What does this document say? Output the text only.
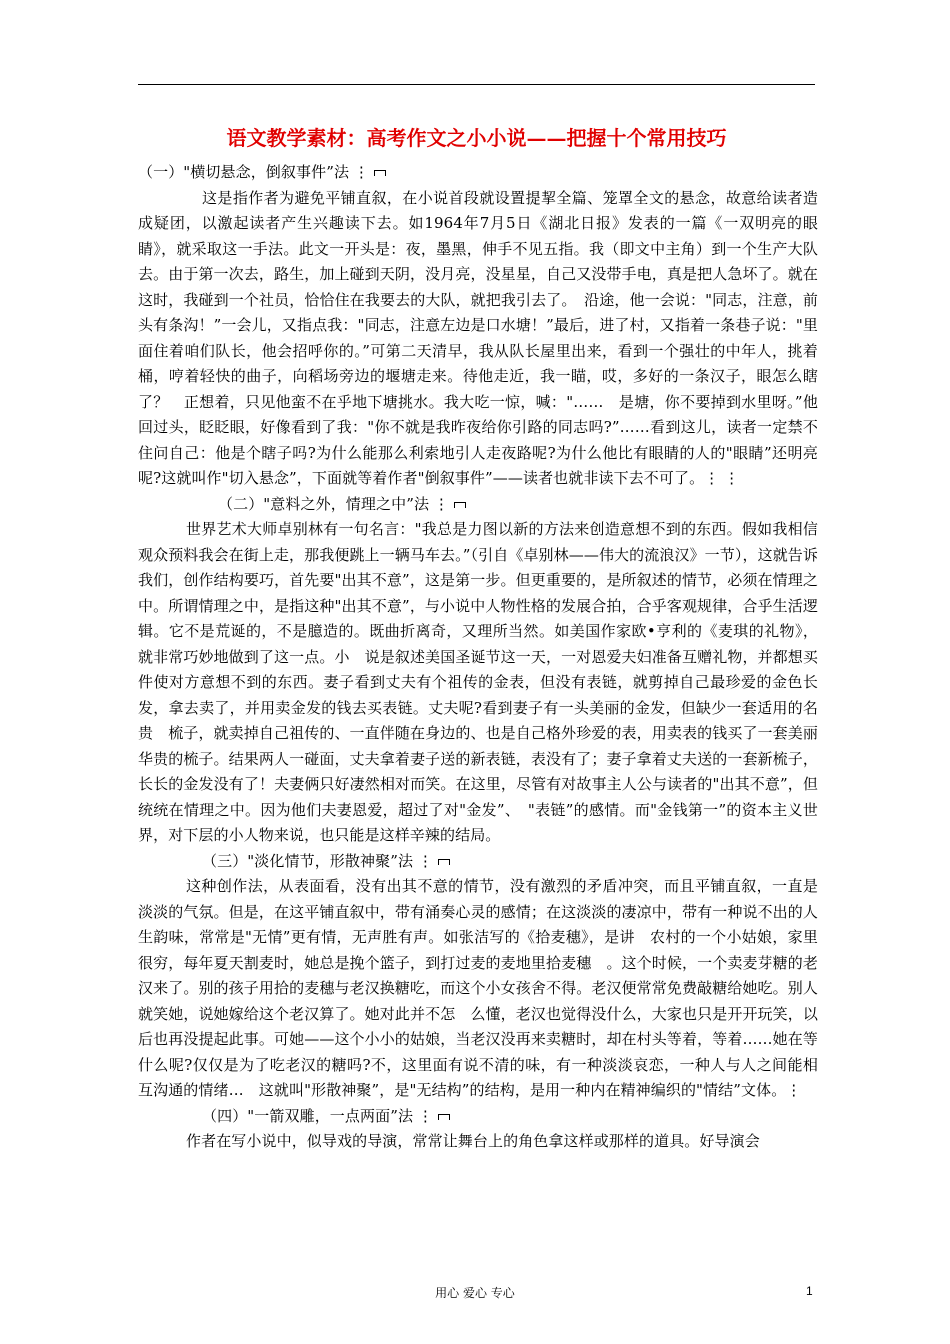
语文教学素材：高考作文之小小说——把握十个常用技巧

（一）"横切悬念，倒叙事件”法 ⋮

这是指作者为避免平铺直叙，在小说首段就设置提挈全篇、笼罩全文的悬念，故意给读者造成疑团，以激起读者产生兴趣读下去。如1964年7月5日《湖北日报》发表的一篇《一双明亮的眼睛》，就采取这一手法。此文一开头是：夜，墨黑，伸手不见五指。我（即文中主角）到一个生产大队去。由于第一次去，路生，加上碰到天阴，没月亮，没星星，自己又没带手电，真是把人急坏了。就在这时，我碰到一个社员，恰恰住在我要去的大队，就把我引去了。　沿途，他一会说："同志，注意，前头有条沟！”一会儿，又指点我："同志，注意左边是口水塘！”最后，进了村，又指着一条巷子说："里面住着咱们队长，他会招呼你的。”可第二天清早，我从队长屋里出来，看到一个强壮的中年人，挑着桶，哼着轻快的曲子，向稻场旁边的堰塘走来。待他走近，我一瞄，哎，多好的一条汉子，眼怎么瞎了？　正想着，只见他蛮不在乎地下塘挑水。我大吃一惊，喊："……　是塘，你不要掉到水里呀。”他回过头，眨眨眼，好像看到了我："你不就是我昨夜给你引路的同志吗?”……看到这儿，读者一定禁不住问自己：他是个瞎子吗?为什么能那么利索地引人走夜路呢?为什么他比有眼睛的人的"眼睛”还明亮呢?这就叫作"切入悬念”，下面就等着作者"倒叙事件”——读者也就非读下去不可了。⋮ ⋮

（二）"意料之外，情理之中”法 ⋮

世界艺术大师卓别林有一句名言："我总是力图以新的方法来创造意想不到的东西。假如我相信观众预料我会在街上走，那我便跳上一辆马车去。”（引自《卓别林——伟大的流浪汉》一节），这就告诉我们，创作结构要巧，首先要"出其不意”，这是第一步。但更重要的，是所叙述的情节，必须在情理之中。所谓情理之中，是指这种"出其不意”，与小说中人物性格的发展合拍，合乎客观规律，合乎生活逻辑。它不是荒诞的，不是臆造的。既曲折离奇，又理所当然。如美国作家欧•亨利的《麦琪的礼物》，就非常巧妙地做到了这一点。小　说是叙述美国圣诞节这一天，一对恩爱夫妇准备互赠礼物，并都想买件使对方意想不到的东西。妻子看到丈夫有个祖传的金表，但没有表链，就剪掉自己最珍爱的金色长发，拿去卖了，并用卖金发的钱去买表链。丈夫呢?看到妻子有一头美丽的金发，但缺少一套适用的名贵　梳子，就卖掉自己祖传的、一直伴随在身边的、也是自己格外珍爱的表，用卖表的钱买了一套美丽华贵的梳子。结果两人一碰面，丈夫拿着妻子送的新表链，表没有了；妻子拿着丈夫送的一套新梳子，长长的金发没有了！夫妻俩只好凄然相对而笑。在这里，尽管有对故事主人公与读者的"出其不意”，但统统在情理之中。因为他们夫妻恩爱，超过了对"金发”、　"表链”的感情。而"金钱第一”的资本主义世界，对下层的小人物来说，也只能是这样辛辣的结局。

（三）"淡化情节，形散神聚”法 ⋮

这种创作法，从表面看，没有出其不意的情节，没有激烈的矛盾冲突，而且平铺直叙，一直是淡淡的气氛。但是，在这平铺直叙中，带有涌奏心灵的感情；在这淡淡的凄凉中，带有一种说不出的人生韵味，常常是"无情”更有情，无声胜有声。如张洁写的《拾麦穗》，是讲　农村的一个小姑娘，家里很穷，每年夏天割麦时，她总是挽个篮子，到打过麦的麦地里拾麦穗　。这个时候，一个卖麦芽糖的老汉来了。别的孩子用拾的麦穗与老汉换糖吃，而这个小女孩舍不得。老汉便常常免费敲糖给她吃。别人就笑她，说她嫁给这个老汉算了。她对此并不怎　么懂，老汉也觉得没什么，大家也只是开开玩笑，以后也再没提起此事。可她——这个小小的姑娘，当老汉没再来卖糖时，却在村头等着，等着……她在等什么呢?仅仅是为了吃老汉的糖吗?不，这里面有说不清的味，有一种淡淡哀恋，一种人与人之间能相互沟通的情绪…　这就叫"形散神聚”，是"无结构”的结构，是用一种内在精神编织的"情结”文体。⋮

（四）"一箭双雕，一点两面”法 ⋮

作者在写小说中，似导戏的导演，常常让舞台上的角色拿这样或那样的道具。好导演会

用心 爱心 专心	1
